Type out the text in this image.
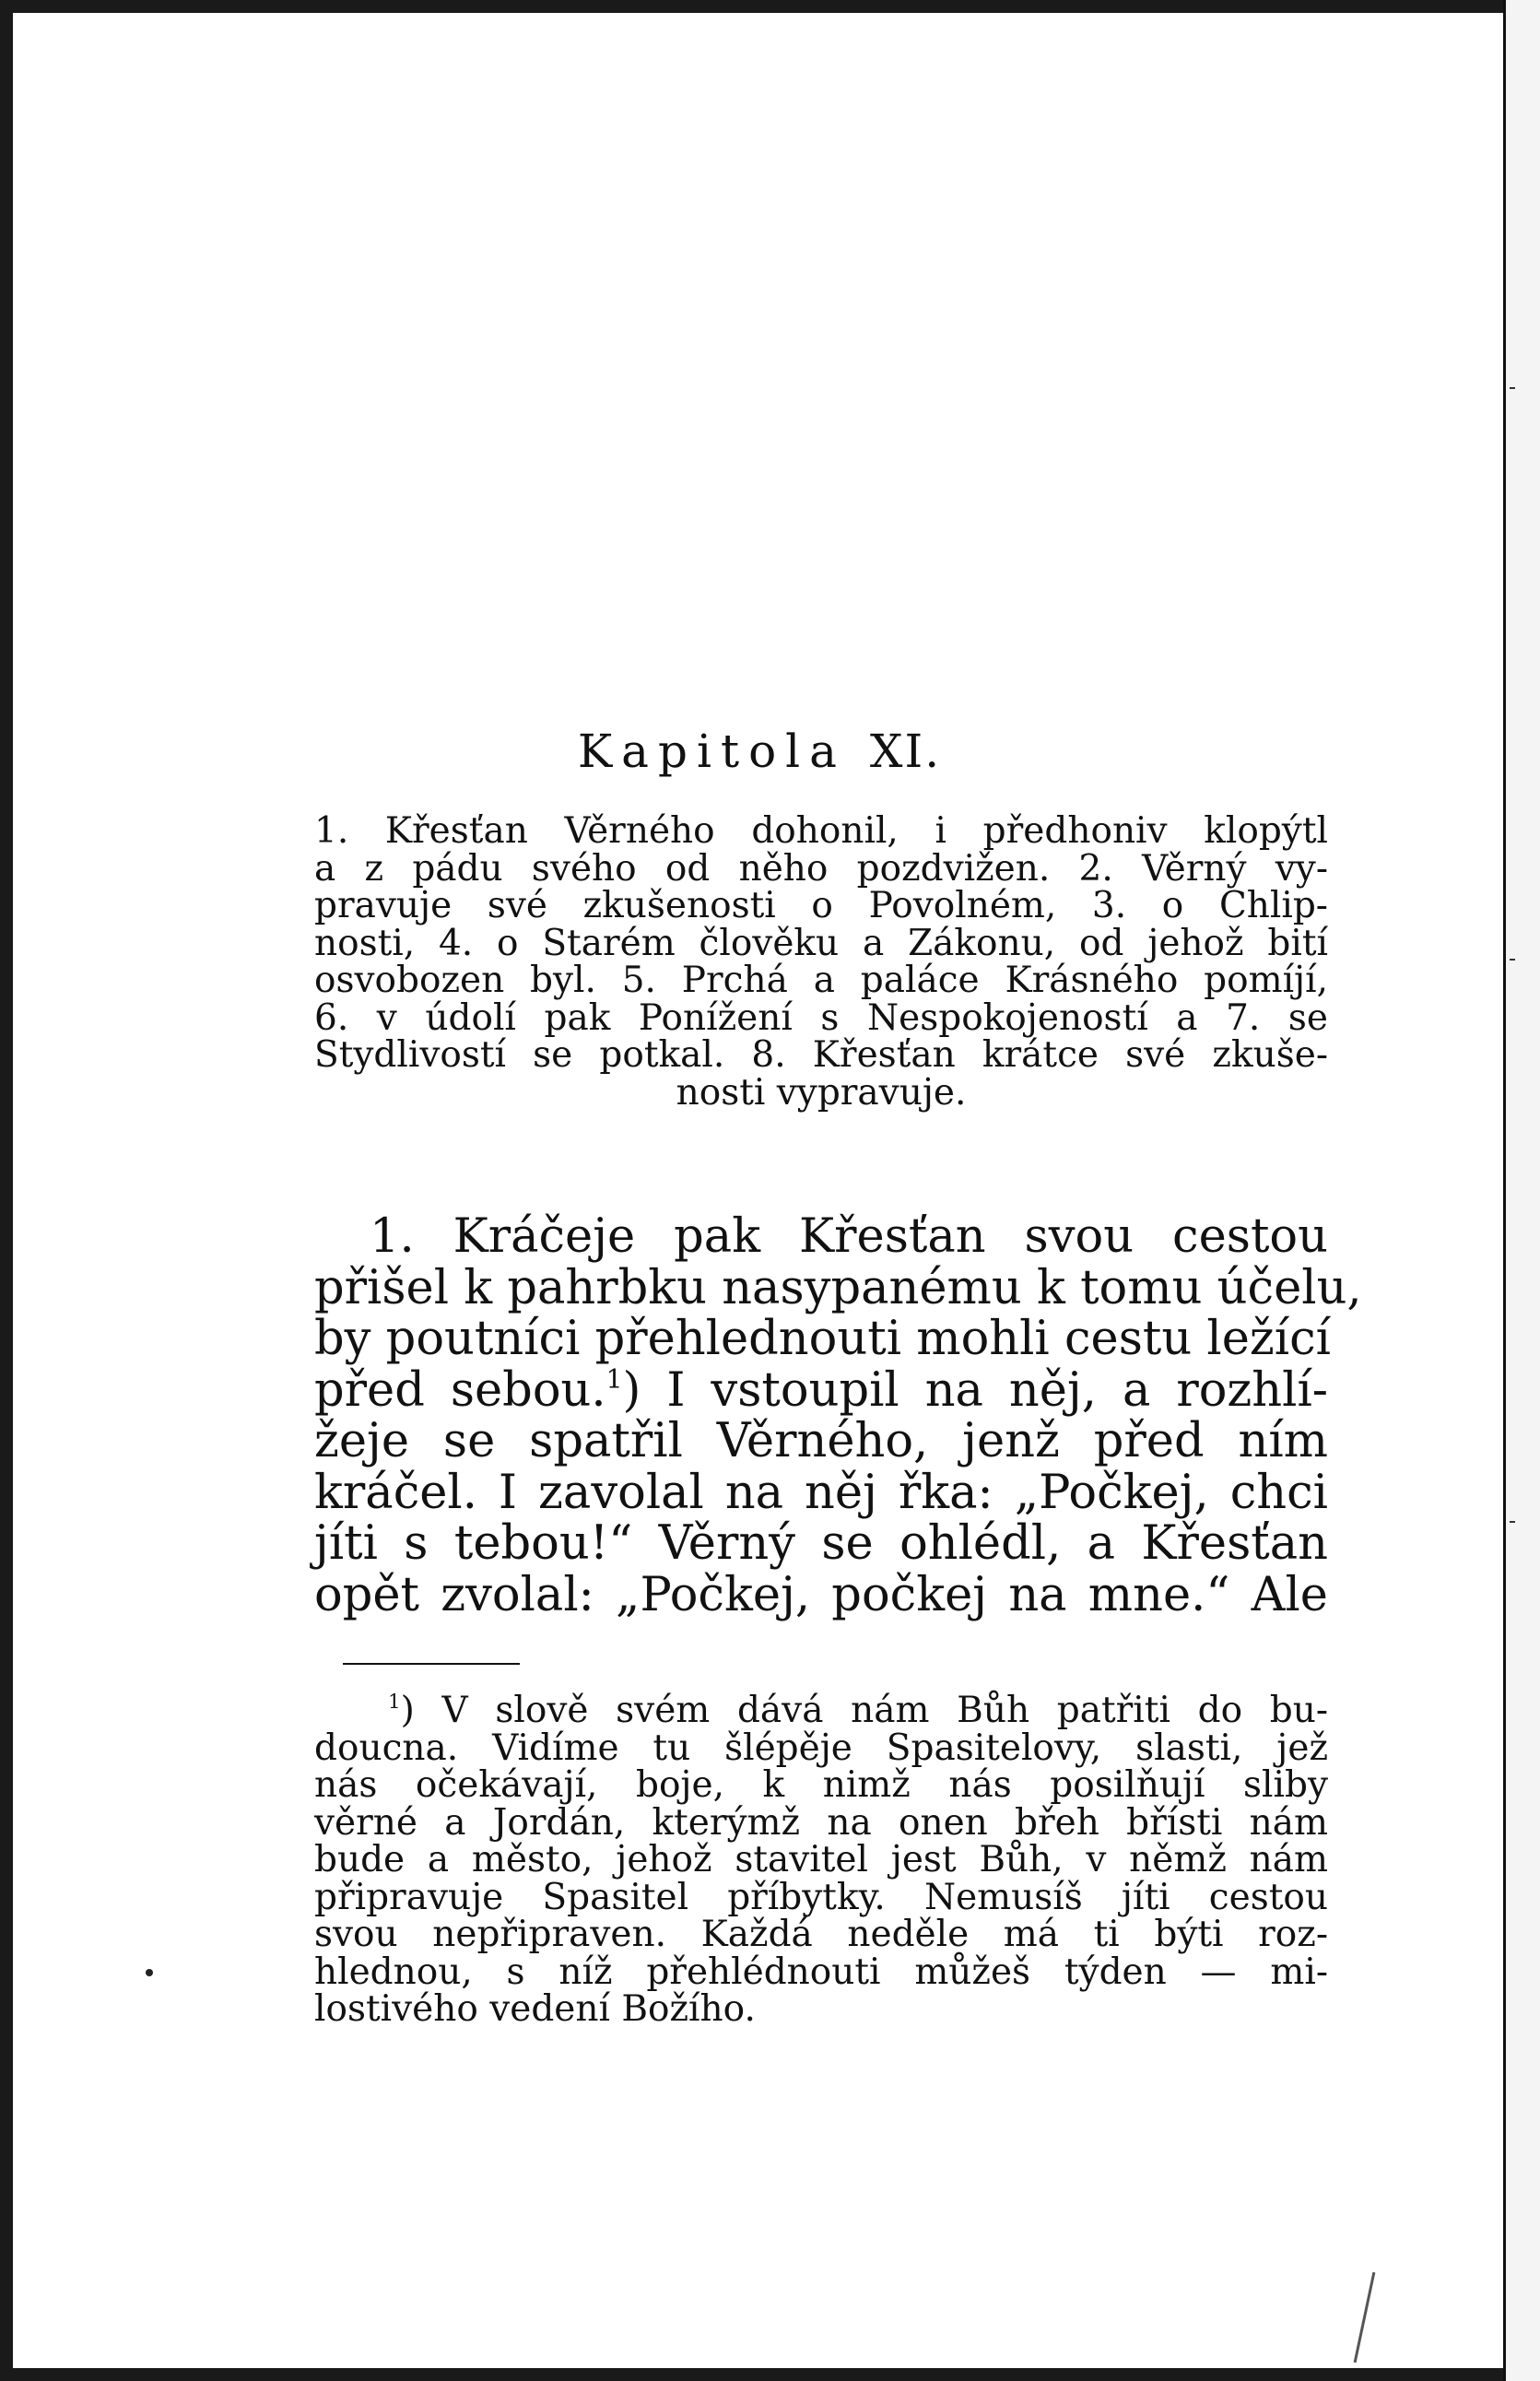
Kapitola XI.
1. Křesťan Věrného dohonil, i předhoniv klopýtl
a z pádu svého od něho pozdvižen. 2. Věrný vy-
pravuje své zkušenosti o Povolném, 3. o Chlip-
nosti, 4. o Starém člověku a Zákonu, od jehož bití
osvobozen byl. 5. Prchá a paláce Krásného pomíjí,
6. v údolí pak Ponížení s Nespokojeností a 7. se
Stydlivostí se potkal. 8. Křesťan krátce své zkuše-
nosti vypravuje.
1. Kráčeje pak Křesťan svou cestou
přišel k pahrbku nasypanému k tomu účelu,
by poutníci přehlednouti mohli cestu ležící
před sebou.$^1$) I vstoupil na něj, a rozhlí-
žeje se spatřil Věrného, jenž před ním
kráčel. I zavolal na něj řka: „Počkej, chci
jíti s tebou!“ Věrný se ohlédl, a Křesťan
opět zvolal: „Počkej, počkej na mne.“ Ale
$^1$) V slově svém dává nám Bůh patřiti do bu-
doucna. Vidíme tu šlépěje Spasitelovy, slasti, jež
nás očekávají, boje, k nimž nás posilňují sliby
věrné a Jordán, kterýmž na onen břeh břísti nám
bude a město, jehož stavitel jest Bůh, v němž nám
připravuje Spasitel příbytky. Nemusíš jíti cestou
svou nepřipraven. Každá neděle má ti býti roz-
hlednou, s níž přehlédnouti můžeš týden — mi-
lostivého vedení Božího.
